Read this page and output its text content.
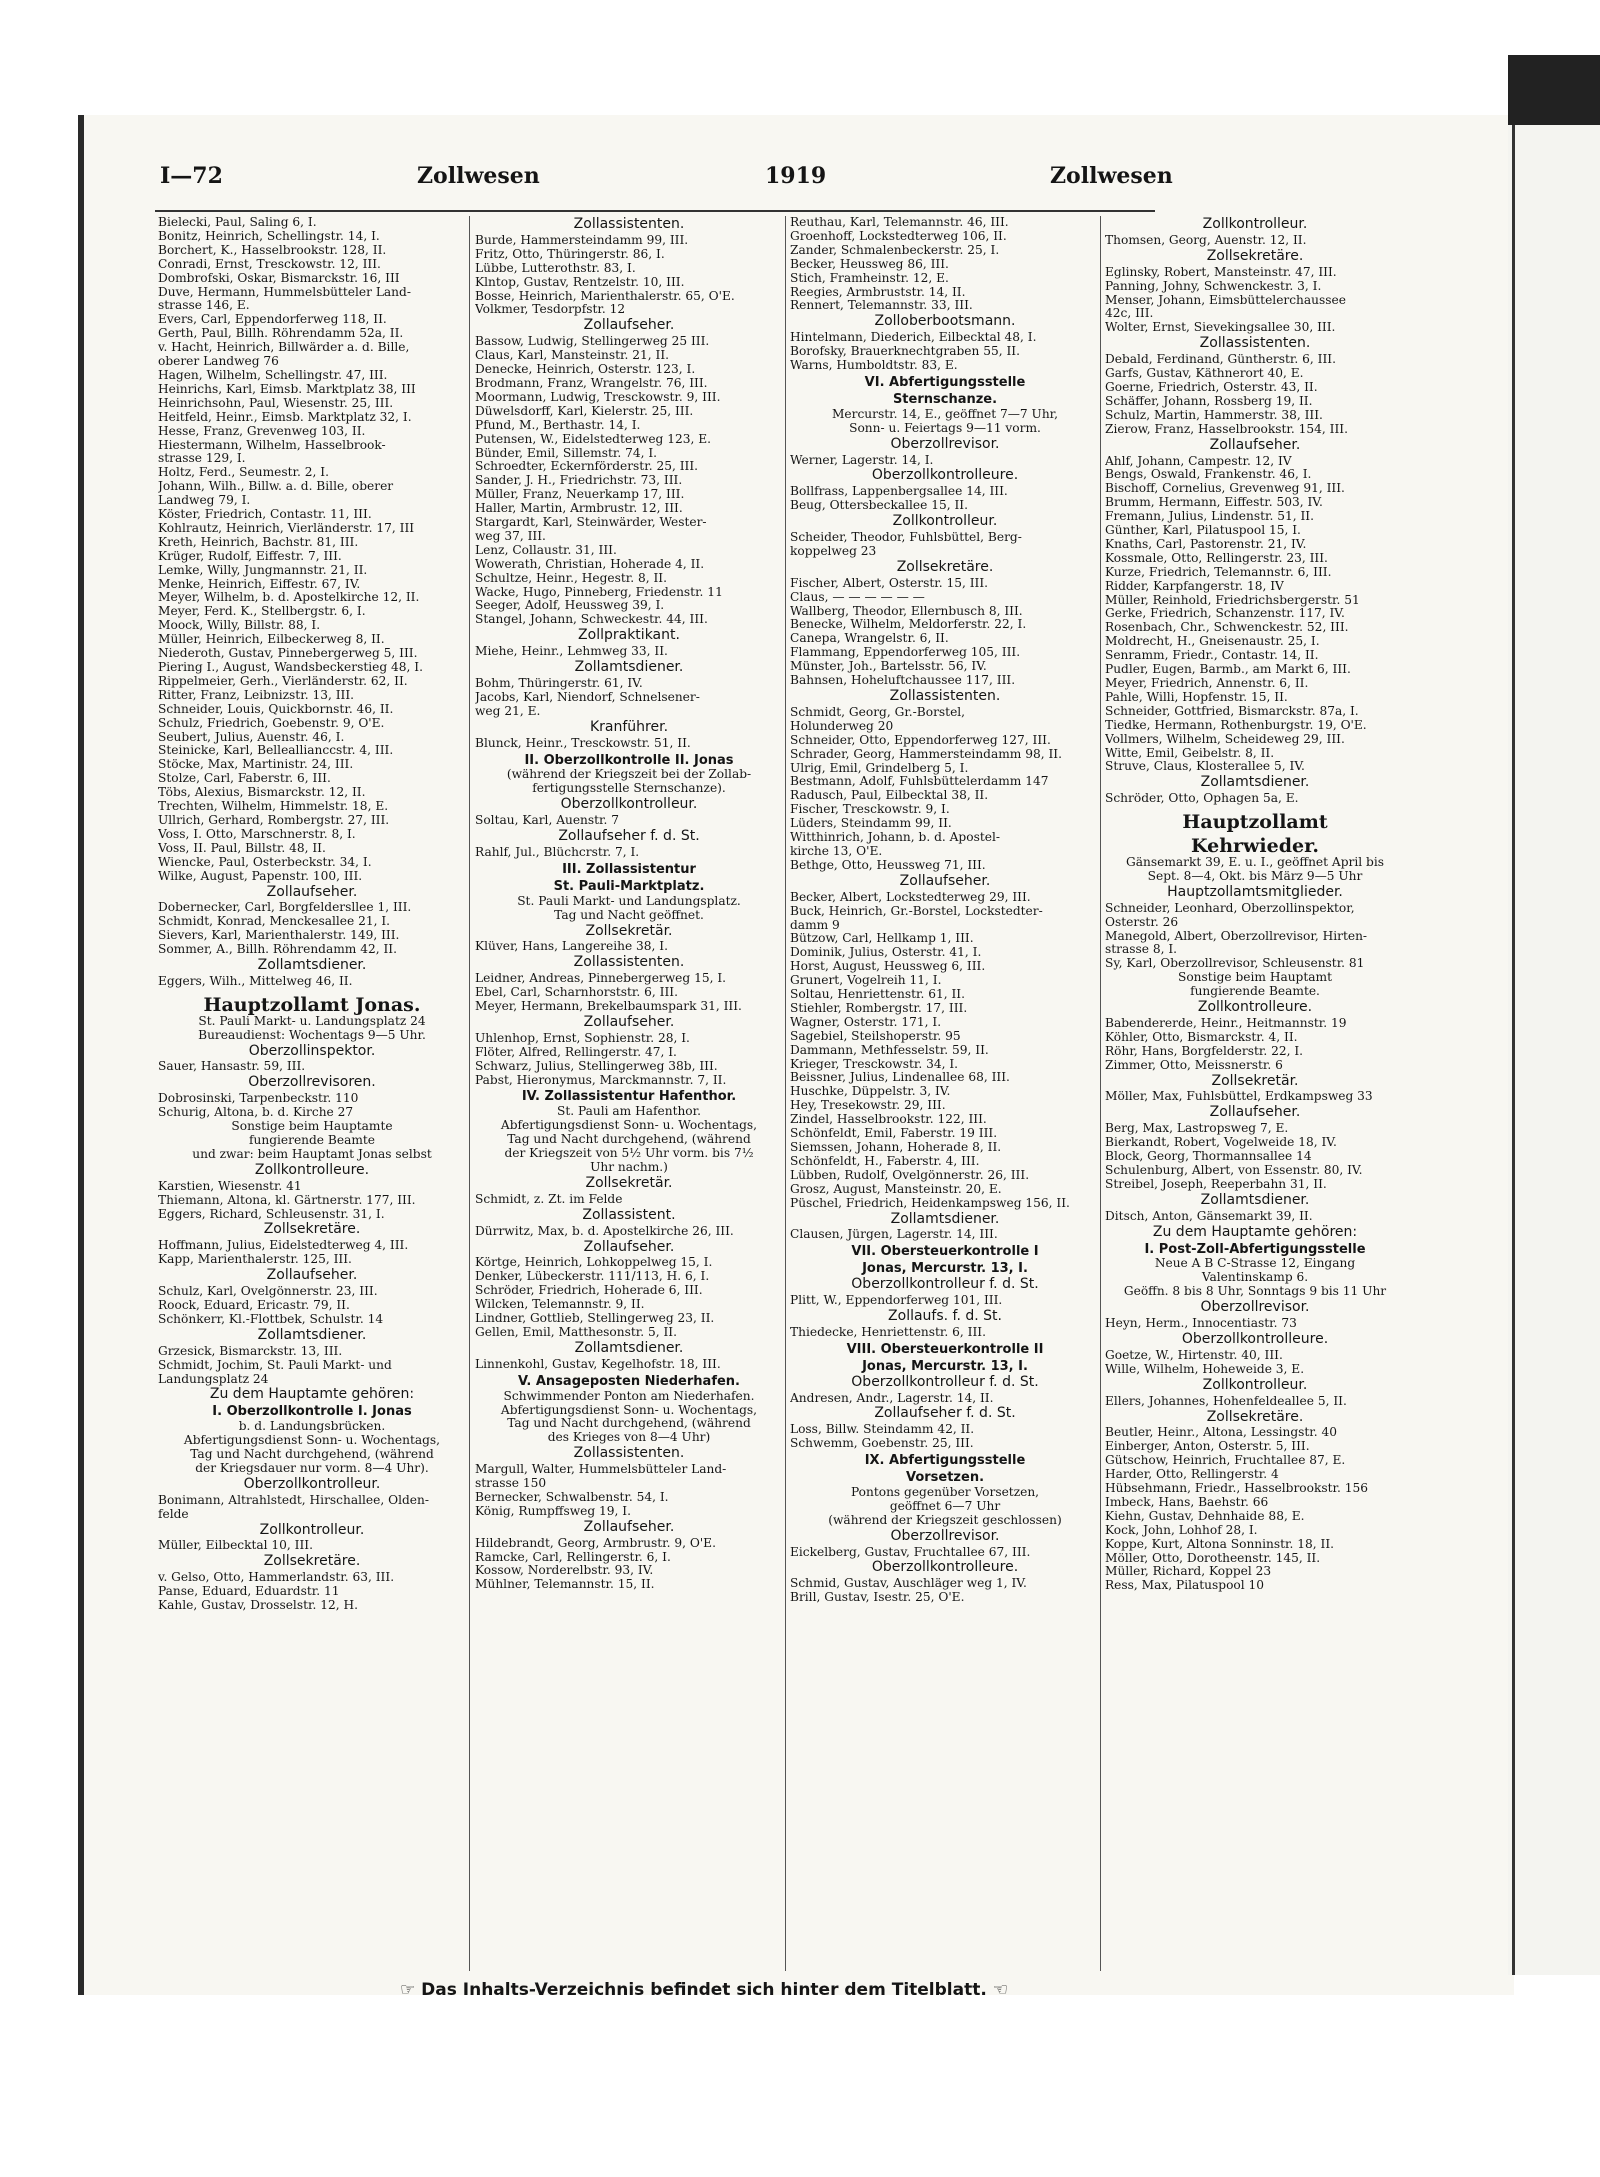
I—72	Zollwesen	1919	Zollwesen
Bielecki, Paul, Saling 6, I.
Bonitz, Heinrich, Schellingstr. 14, I.
Borchert, K., Hasselbrookstr. 128, II.
Conradi, Ernst, Tresckowstr. 12, III.
Dombrofski, Oskar, Bismarckstr. 16, III
Duve, Hermann, Hummelsbütteler Land-
strasse 146, E.
Evers, Carl, Eppendorferweg 118, II.
Gerth, Paul, Billh. Röhrendamm 52a, II.
v. Hacht, Heinrich, Billwärder a. d. Bille,
oberer Landweg 76
Hagen, Wilhelm, Schellingstr. 47, III.
Heinrichs, Karl, Eimsb. Marktplatz 38, III
Heinrichsohn, Paul, Wiesenstr. 25, III.
Heitfeld, Heinr., Eimsb. Marktplatz 32, I.
Hesse, Franz, Grevenweg 103, II.
Hiestermann, Wilhelm, Hasselbrook-
strasse 129, I.
Holtz, Ferd., Seumestr. 2, I.
Johann, Wilh., Billw. a. d. Bille, oberer
Landweg 79, I.
Köster, Friedrich, Contastr. 11, III.
Kohlrautz, Heinrich, Vierländerstr. 17, III
Kreth, Heinrich, Bachstr. 81, III.
Krüger, Rudolf, Eiffestr. 7, III.
Lemke, Willy, Jungmannstr. 21, II.
Menke, Heinrich, Eiffestr. 67, IV.
Meyer, Wilhelm, b. d. Apostelkirche 12, II.
Meyer, Ferd. K., Stellbergstr. 6, I.
Moock, Willy, Billstr. 88, I.
Müller, Heinrich, Eilbeckerweg 8, II.
Niederoth, Gustav, Pinnebergerweg 5, III.
Piering I., August, Wandsbeckerstieg 48, I.
Rippelmeier, Gerh., Vierländerstr. 62, II.
Ritter, Franz, Leibnizstr. 13, III.
Schneider, Louis, Quickbornstr. 46, II.
Schulz, Friedrich, Goebenstr. 9, O'E.
Seubert, Julius, Auenstr. 46, I.
Steinicke, Karl, Belleallianccstr. 4, III.
Stöcke, Max, Martinistr. 24, III.
Stolze, Carl, Faberstr. 6, III.
Töbs, Alexius, Bismarckstr. 12, II.
Trechten, Wilhelm, Himmelstr. 18, E.
Ullrich, Gerhard, Rombergstr. 27, III.
Voss, I. Otto, Marschnerstr. 8, I.
Voss, II. Paul, Billstr. 48, II.
Wiencke, Paul, Osterbeckstr. 34, I.
Wilke, August, Papenstr. 100, III.
Zollaufseher.
Dobernecker, Carl, Borgfeldersllee 1, III.
Schmidt, Konrad, Menckesallee 21, I.
Sievers, Karl, Marienthalerstr. 149, III.
Sommer, A., Billh. Röhrendamm 42, II.
Zollamtsdiener.
Eggers, Wilh., Mittelweg 46, II.
Hauptzollamt Jonas.
St. Pauli Markt- u. Landungsplatz 24
Bureaudienst: Wochentags 9—5 Uhr.
Oberzollinspektor.
Sauer, Hansastr. 59, III.
Oberzollrevisoren.
Dobrosinski, Tarpenbeckstr. 110
Schurig, Altona, b. d. Kirche 27
Sonstige beim Hauptamte
fungierende Beamte
und zwar: beim Hauptamt Jonas selbst
Zollkontrolleure.
Karstien, Wiesenstr. 41
Thiemann, Altona, kl. Gärtnerstr. 177, III.
Eggers, Richard, Schleusenstr. 31, I.
Zollsekretäre.
Hoffmann, Julius, Eidelstedterweg 4, III.
Kapp, Marienthalerstr. 125, III.
Zollaufseher.
Schulz, Karl, Övelgönnerstr. 23, III.
Roock, Eduard, Ericastr. 79, II.
Schönkerr, Kl.-Flottbek, Schulstr. 14
Zollamtsdiener.
Grzesick, Bismarckstr. 13, III.
Schmidt, Jochim, St. Pauli Markt- und
Landungsplatz 24
Zu dem Hauptamte gehören:
I. Oberzollkontrolle I. Jonas
b. d. Landungsbrücken.
Abfertigungsdienst Sonn- u. Wochentags,
Tag und Nacht durchgehend, (während
der Kriegsdauer nur vorm. 8—4 Uhr).
Oberzollkontrolleur.
Bonimann, Altrahlstedt, Hirschallee, Olden-
felde
Zollkontrolleur.
Müller, Eilbecktal 10, III.
Zollsekretäre.
v. Gelso, Otto, Hammerlandstr. 63, III.
Panse, Eduard, Eduardstr. 11
Kahle, Gustav, Drosselstr. 12, H.
Zollassistenten.
Burde, Hammersteindamm 99, III.
Fritz, Otto, Thüringerstr. 86, I.
Lübbe, Lutterothstr. 83, I.
Klntop, Gustav, Rentzelstr. 10, III.
Bosse, Heinrich, Marienthalerstr. 65, O'E.
Volkmer, Tesdorpfstr. 12
Zollaufseher.
Bassow, Ludwig, Stellingerweg 25 III.
Claus, Karl, Mansteinstr. 21, II.
Denecke, Heinrich, Osterstr. 123, I.
Brodmann, Franz, Wrangelstr. 76, III.
Moormann, Ludwig, Tresckowstr. 9, III.
Düwelsdorff, Karl, Kielerstr. 25, III.
Pfund, M., Berthastr. 14, I.
Putensen, W., Eidelstedterweg 123, E.
Bünder, Emil, Sillemstr. 74, I.
Schroedter, Eckernförderstr. 25, III.
Sander, J. H., Friedrichstr. 73, III.
Müller, Franz, Neuerkamp 17, III.
Haller, Martin, Armbrustr. 12, III.
Stargardt, Karl, Steinwärder, Wester-
weg 37, III.
Lenz, Collaustr. 31, III.
Wowerath, Christian, Hoherade 4, II.
Schultze, Heinr., Hegestr. 8, II.
Wacke, Hugo, Pinneberg, Friedenstr. 11
Seeger, Adolf, Heussweg 39, I.
Stangel, Johann, Schweckestr. 44, III.
Zollpraktikant.
Miehe, Heinr., Lehmweg 33, II.
Zollamtsdiener.
Bohm, Thüringerstr. 61, IV.
Jacobs, Karl, Niendorf, Schnelsener-
weg 21, E.
Kranführer.
Blunck, Heinr., Tresckowstr. 51, II.
II. Oberzollkontrolle II. Jonas
(während der Kriegszeit bei der Zollab-
fertigungsstelle Sternschanze).
Oberzollkontrolleur.
Soltau, Karl, Auenstr. 7
Zollaufseher f. d. St.
Rahlf, Jul., Blüchcrstr. 7, I.
III. Zollassistentur
St. Pauli-Marktplatz.
St. Pauli Markt- und Landungsplatz.
Tag und Nacht geöffnet.
Zollsekretär.
Klüver, Hans, Langereihe 38, I.
Zollassistenten.
Leidner, Andreas, Pinnebergerweg 15, I.
Ebel, Carl, Scharnhorststr. 6, III.
Meyer, Hermann, Brekelbaumspark 31, III.
Zollaufseher.
Uhlenhop, Ernst, Sophienstr. 28, I.
Flöter, Alfred, Rellingerstr. 47, I.
Schwarz, Julius, Stellingerweg 38b, III.
Pabst, Hieronymus, Marckmannstr. 7, II.
IV. Zollassistentur Hafenthor.
St. Pauli am Hafenthor.
Abfertigungsdienst Sonn- u. Wochentags,
Tag und Nacht durchgehend, (während
der Kriegszeit von 5½ Uhr vorm. bis 7½
Uhr nachm.)
Zollsekretär.
Schmidt, z. Zt. im Felde
Zollassistent.
Dürrwitz, Max, b. d. Apostelkirche 26, III.
Zollaufseher.
Körtge, Heinrich, Lohkoppelweg 15, I.
Denker, Lübeckerstr. 111/113, H. 6, I.
Schröder, Friedrich, Hoherade 6, III.
Wilcken, Telemannstr. 9, II.
Lindner, Gottlieb, Stellingerweg 23, II.
Gellen, Emil, Matthesonstr. 5, II.
Zollamtsdiener.
Linnenkohl, Gustav, Kegelhofstr. 18, III.
V. Ansageposten Niederhafen.
Schwimmender Ponton am Niederhafen.
Abfertigungsdienst Sonn- u. Wochentags,
Tag und Nacht durchgehend, (während
des Krieges von 8—4 Uhr)
Zollassistenten.
Margull, Walter, Hummelsbütteler Land-
strasse 150
Bernecker, Schwalbenstr. 54, I.
König, Rumpffsweg 19, I.
Zollaufseher.
Hildebrandt, Georg, Armbrustr. 9, O'E.
Ramcke, Carl, Rellingerstr. 6, I.
Kossow, Norderelbstr. 93, IV.
Mühlner, Telemannstr. 15, II.
Reuthau, Karl, Telemannstr. 46, III.
Groenhoff, Lockstedterweg 106, II.
Zander, Schmalenbeckerstr. 25, I.
Becker, Heussweg 86, III.
Stich, Framheinstr. 12, E.
Reegies, Armbruststr. 14, II.
Rennert, Telemannstr. 33, III.
Zolloberbootsmann.
Hintelmann, Diederich, Eilbecktal 48, I.
Borofsky, Brauerknechtgraben 55, II.
Warns, Humboldtstr. 83, E.
VI. Abfertigungsstelle
Sternschanze.
Mercurstr. 14, E., geöffnet 7—7 Uhr,
Sonn- u. Feiertags 9—11 vorm.
Oberzollrevisor.
Werner, Lagerstr. 14, I.
Oberzollkontrolleure.
Bollfrass, Lappenbergsallee 14, III.
Beug, Ottersbeckallee 15, II.
Zollkontrolleur.
Scheider, Theodor, Fuhlsbüttel, Berg-
koppelweg 23
Zollsekretäre.
Fischer, Albert, Osterstr. 15, III.
Claus, — — — — — —
Wallberg, Theodor, Ellernbusch 8, III.
Benecke, Wilhelm, Meldorferstr. 22, I.
Canepa, Wrangelstr. 6, II.
Flammang, Eppendorferweg 105, III.
Münster, Joh., Bartelsstr. 56, IV.
Bahnsen, Hoheluftchaussee 117, III.
Zollassistenten.
Schmidt, Georg, Gr.-Borstel,
Holunderweg 20
Schneider, Otto, Eppendorferweg 127, III.
Schrader, Georg, Hammersteindamm 98, II.
Ulrig, Emil, Grindelberg 5, I.
Bestmann, Adolf, Fuhlsbüttelerdamm 147
Radusch, Paul, Eilbecktal 38, II.
Fischer, Tresckowstr. 9, I.
Lüders, Steindamm 99, II.
Witthinrich, Johann, b. d. Apostel-
kirche 13, O'E.
Bethge, Otto, Heussweg 71, III.
Zollaufseher.
Becker, Albert, Lockstedterweg 29, III.
Buck, Heinrich, Gr.-Borstel, Lockstedter-
damm 9
Bützow, Carl, Hellkamp 1, III.
Dominik, Julius, Osterstr. 41, I.
Horst, August, Heussweg 6, III.
Grunert, Vogelreih 11, I.
Soltau, Henriettenstr. 61, II.
Stiehler, Rombergstr. 17, III.
Wagner, Osterstr. 171, I.
Sagebiel, Steilshoperstr. 95
Dammann, Methfesselstr. 59, II.
Krieger, Tresckowstr. 34, I.
Beissner, Julius, Lindenallee 68, III.
Huschke, Düppelstr. 3, IV.
Hey, Tresekowstr. 29, III.
Zindel, Hasselbrookstr. 122, III.
Schönfeldt, Emil, Faberstr. 19 III.
Siemssen, Johann, Hoherade 8, II.
Schönfeldt, H., Faberstr. 4, III.
Lübben, Rudolf, Övelgönnerstr. 26, III.
Grosz, August, Mansteinstr. 20, E.
Püschel, Friedrich, Heidenkampsweg 156, II.
Zollamtsdiener.
Clausen, Jürgen, Lagerstr. 14, III.
VII. Obersteuerkontrolle I
Jonas, Mercurstr. 13, I.
Oberzollkontrolleur f. d. St.
Plitt, W., Eppendorferweg 101, III.
Zollaufs. f. d. St.
Thiedecke, Henriettenstr. 6, III.
VIII. Obersteuerkontrolle II
Jonas, Mercurstr. 13, I.
Oberzollkontrolleur f. d. St.
Andresen, Andr., Lagerstr. 14, II.
Zollaufseher f. d. St.
Loss, Billw. Steindamm 42, II.
Schwemm, Goebenstr. 25, III.
IX. Abfertigungsstelle
Vorsetzen.
Pontons gegenüber Vorsetzen,
geöffnet 6—7 Uhr
(während der Kriegszeit geschlossen)
Oberzollrevisor.
Eickelberg, Gustav, Fruchtallee 67, III.
Oberzollkontrolleure.
Schmid, Gustav, Auschläger weg 1, IV.
Brill, Gustav, Isestr. 25, O'E.
Zollkontrolleur.
Thomsen, Georg, Auenstr. 12, II.
Zollsekretäre.
Eglinsky, Robert, Mansteinstr. 47, III.
Panning, Johny, Schwenckestr. 3, I.
Menser, Johann, Eimsbüttelerchaussee
42c, III.
Wolter, Ernst, Sievekingsallee 30, III.
Zollassistenten.
Debald, Ferdinand, Güntherstr. 6, III.
Garfs, Gustav, Käthnerort 40, E.
Goerne, Friedrich, Osterstr. 43, II.
Schäffer, Johann, Rossberg 19, II.
Schulz, Martin, Hammerstr. 38, III.
Zierow, Franz, Hasselbrookstr. 154, III.
Zollaufseher.
Ahlf, Johann, Campestr. 12, IV
Bengs, Oswald, Frankenstr. 46, I.
Bischoff, Cornelius, Grevenweg 91, III.
Brumm, Hermann, Eiffestr. 503, IV.
Fremann, Julius, Lindenstr. 51, II.
Günther, Karl, Pilatuspool 15, I.
Knaths, Carl, Pastorenstr. 21, IV.
Kossmale, Otto, Rellingerstr. 23, III.
Kurze, Friedrich, Telemannstr. 6, III.
Ridder, Karpfangerstr. 18, IV
Müller, Reinhold, Friedrichsbergerstr. 51
Gerke, Friedrich, Schanzenstr. 117, IV.
Rosenbach, Chr., Schwenckestr. 52, III.
Moldrecht, H., Gneisenaustr. 25, I.
Senramm, Friedr., Contastr. 14, II.
Pudler, Eugen, Barmb., am Markt 6, III.
Meyer, Friedrich, Annenstr. 6, II.
Pahle, Willi, Hopfenstr. 15, II.
Schneider, Gottfried, Bismarckstr. 87a, I.
Tiedke, Hermann, Rothenburgstr. 19, O'E.
Vollmers, Wilhelm, Scheideweg 29, III.
Witte, Emil, Geibelstr. 8, II.
Struve, Claus, Klosterallee 5, IV.
Zollamtsdiener.
Schröder, Otto, Ophagen 5a, E.
Hauptzollamt
Kehrwieder.
Gänsemarkt 39, E. u. I., geöffnet April bis
Sept. 8—4, Okt. bis März 9—5 Uhr
Hauptzollamtsmitglieder.
Schneider, Leonhard, Oberzollinspektor,
Osterstr. 26
Manegold, Albert, Oberzollrevisor, Hirten-
strasse 8, I.
Sy, Karl, Oberzollrevisor, Schleusenstr. 81
Sonstige beim Hauptamt
fungierende Beamte.
Zollkontrolleure.
Babendererde, Heinr., Heitmannstr. 19
Köhler, Otto, Bismarckstr. 4, II.
Röhr, Hans, Borgfelderstr. 22, I.
Zimmer, Otto, Meissnerstr. 6
Zollsekretär.
Möller, Max, Fuhlsbüttel, Erdkampsweg 33
Zollaufseher.
Berg, Max, Lastropsweg 7, E.
Bierkandt, Robert, Vogelweide 18, IV.
Block, Georg, Thormannsallee 14
Schulenburg, Albert, von Essenstr. 80, IV.
Streibel, Joseph, Reeperbahn 31, II.
Zollamtsdiener.
Ditsch, Anton, Gänsemarkt 39, II.
Zu dem Hauptamte gehören:
I. Post-Zoll-Abfertigungsstelle
Neue A B C-Strasse 12, Eingang
Valentinskamp 6.
Geöffn. 8 bis 8 Uhr, Sonntags 9 bis 11 Uhr
Oberzollrevisor.
Heyn, Herm., Innocentiastr. 73
Oberzollkontrolleure.
Goetze, W., Hirtenstr. 40, III.
Wille, Wilhelm, Hoheweide 3, E.
Zollkontrolleur.
Ellers, Johannes, Hohenfeldeallee 5, II.
Zollsekretäre.
Beutler, Heinr., Altona, Lessingstr. 40
Einberger, Anton, Osterstr. 5, III.
Gütschow, Heinrich, Fruchtallee 87, E.
Harder, Otto, Rellingerstr. 4
Hübsehmann, Friedr., Hasselbrookstr. 156
Imbeck, Hans, Baehstr. 66
Kiehn, Gustav, Dehnhaide 88, E.
Kock, John, Lohhof 28, I.
Koppe, Kurt, Altona Sonninstr. 18, II.
Möller, Otto, Dorotheenstr. 145, II.
Müller, Richard, Koppel 23
Ress, Max, Pilatuspool 10
☞ Das Inhalts-Verzeichnis befindet sich hinter dem Titelblatt. ☜
